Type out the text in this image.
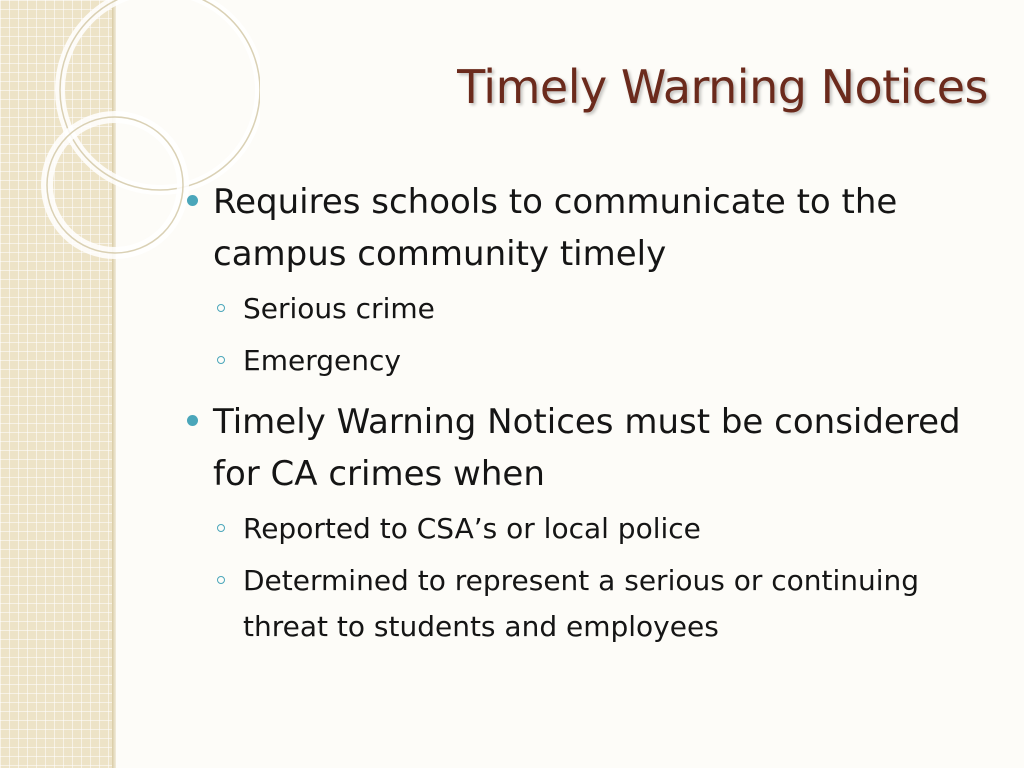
Timely Warning Notices

Requires schools to communicate to the campus community timely

Serious crime

Emergency

Timely Warning Notices must be considered for CA crimes when

Reported to CSA’s or local police

Determined to represent a serious or continuing threat to students and employees
